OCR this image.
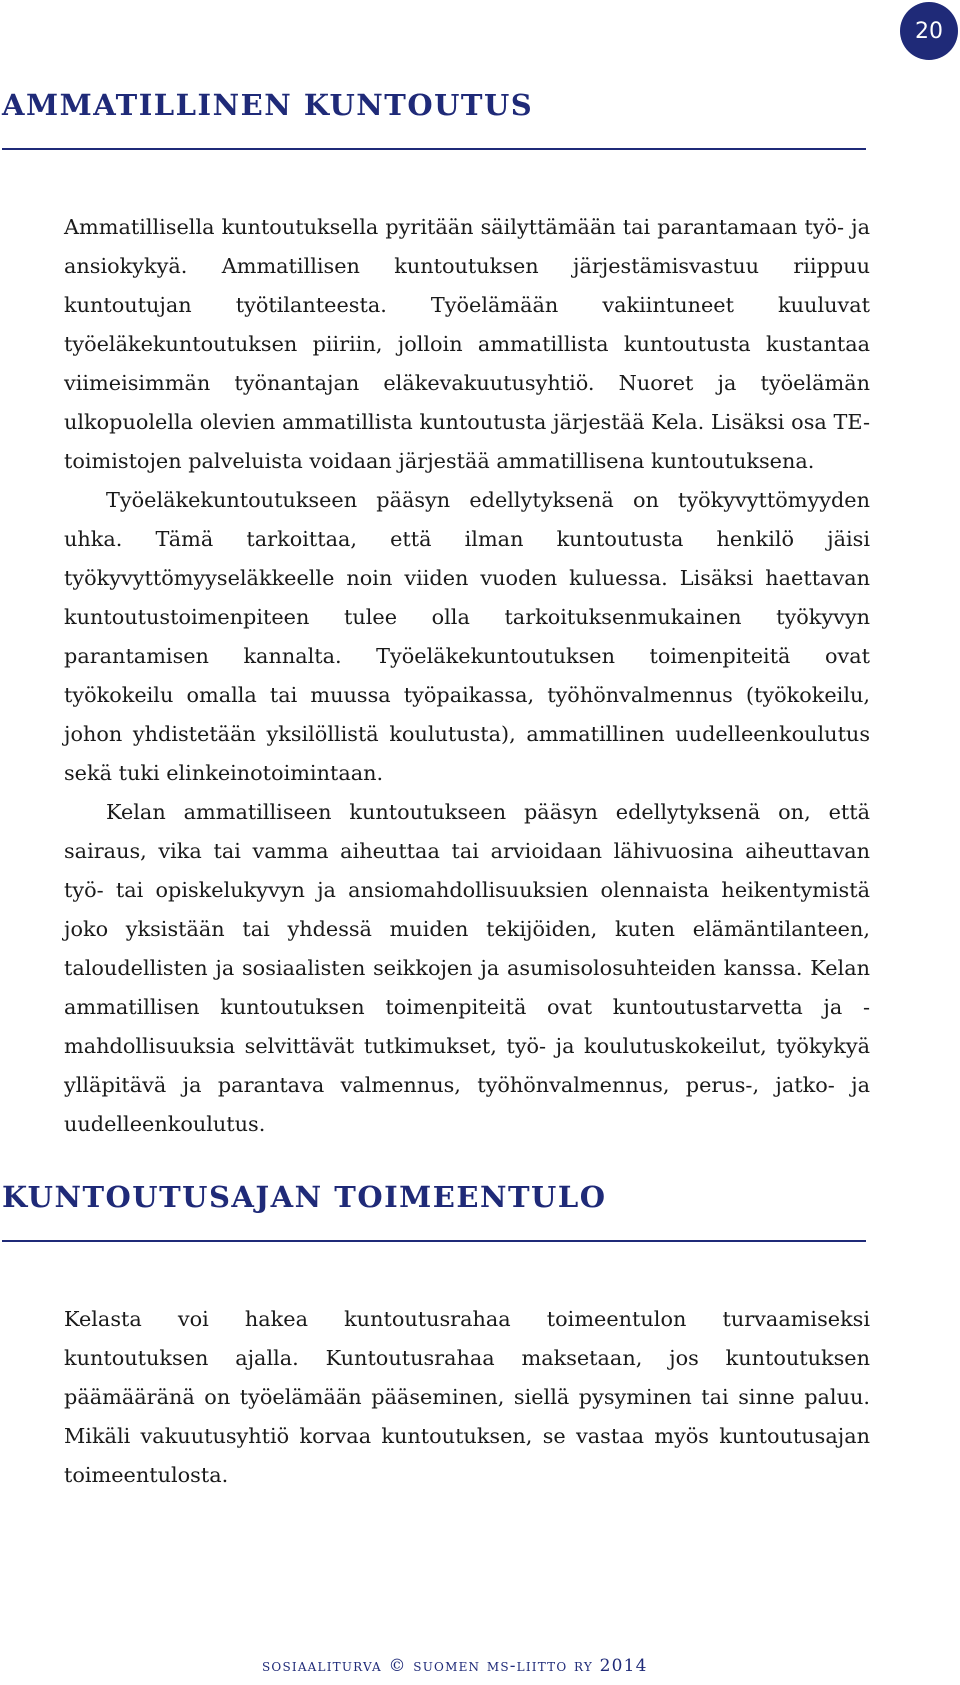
20
AMMATILLINEN KUNTOUTUS

Ammatillisella kuntoutuksella pyritään säilyttämään tai parantamaan työ- ja ansiokykyä. Ammatillisen kuntoutuksen järjestämisvastuu riippuu kuntoutujan työtilanteesta. Työelämään vakiintuneet kuuluvat työeläkekuntoutuksen piiriin, jolloin ammatillista kuntoutusta kustantaa viimeisimmän työnantajan eläkevakuutusyhtiö. Nuoret ja työelämän ulkopuolella olevien ammatillista kuntoutusta järjestää Kela. Lisäksi osa TE-toimistojen palveluista voidaan järjestää ammatillisena kuntoutuksena.

Työeläkekuntoutukseen pääsyn edellytyksenä on työkyvyttömyyden uhka. Tämä tarkoittaa, että ilman kuntoutusta henkilö jäisi työkyvyttömyyseläkkeelle noin viiden vuoden kuluessa. Lisäksi haettavan kuntoutustoimenpiteen tulee olla tarkoituksenmukainen työkyvyn parantamisen kannalta. Työeläkekuntoutuksen toimenpiteitä ovat työkokeilu omalla tai muussa työpaikassa, työhönvalmennus (työkokeilu, johon yhdistetään yksilöllistä koulutusta), ammatillinen uudelleenkoulutus sekä tuki elinkeinotoimintaan.

Kelan ammatilliseen kuntoutukseen pääsyn edellytyksenä on, että sairaus, vika tai vamma aiheuttaa tai arvioidaan lähivuosina aiheuttavan työ- tai opiskelukyvyn ja ansiomahdollisuuksien olennaista heikentymistä joko yksistään tai yhdessä muiden tekijöiden, kuten elämäntilanteen, taloudellisten ja sosiaalisten seikkojen ja asumisolosuhteiden kanssa. Kelan ammatillisen kuntoutuksen toimenpiteitä ovat kuntoutustarvetta ja -mahdollisuuksia selvittävät tutkimukset, työ- ja koulutuskokeilut, työkykyä ylläpitävä ja parantava valmennus, työhönvalmennus, perus-, jatko- ja uudelleenkoulutus.

KUNTOUTUSAJAN TOIMEENTULO

Kelasta voi hakea kuntoutusrahaa toimeentulon turvaamiseksi kuntoutuksen ajalla. Kuntoutusrahaa maksetaan, jos kuntoutuksen päämääränä on työelämään pääseminen, siellä pysyminen tai sinne paluu. Mikäli vakuutusyhtiö korvaa kuntoutuksen, se vastaa myös kuntoutusajan toimeentulosta.

sosiaaliturva © suomen ms-liitto ry 2014
